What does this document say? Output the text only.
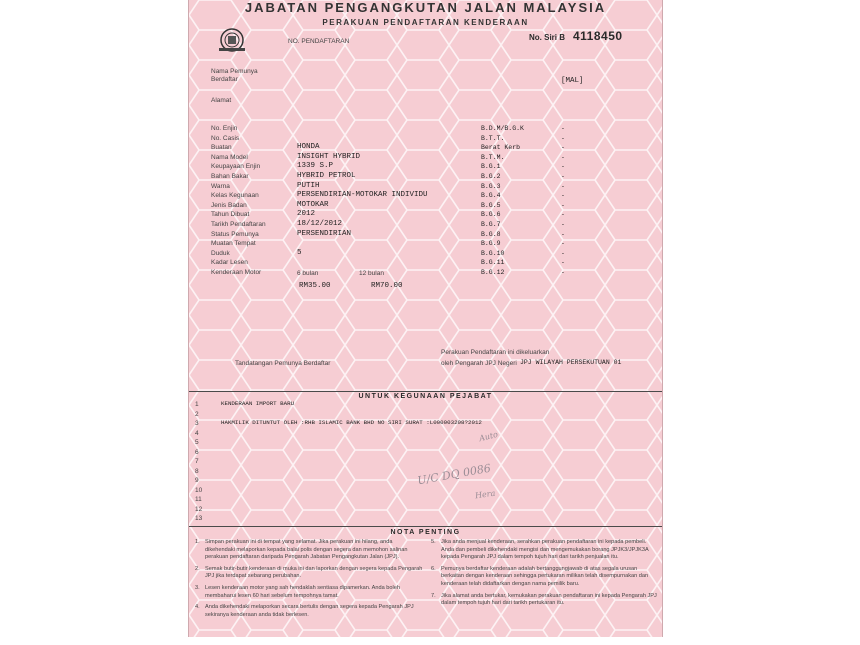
JABATAN PENGANGKUTAN JALAN MALAYSIA
PERAKUAN PENDAFTARAN KENDERAAN
NO. PENDAFTARAN	No. Siri B 4118450
Nama Pemunya
Berdaftar	[MAL]
Alamat
No. Enjin
No. Casis
Buatan	HONDA
Nama Model	INSIGHT HYBRID
Keupayaan Enjin	1339 S.P
Bahan Bakar	HYBRID PETROL
Warna	PUTIH
Kelas Kegunaan	PERSENDIRIAN-MOTOKAR INDIVIDU
Jenis Badan	MOTOKAR
Tahun Dibuat	2012
Tarikh Pendaftaran	18/12/2012
Status Pemunya	PERSENDIRIAN
Muatan Tempat
Duduk	5
Kadar Lesen
Kenderaan Motor
B.D.M/B.G.K	-
B.T.T.	-
Berat Kerb	-
B.T.M.	-
B.G.1	-
B.G.2	-
B.G.3	-
B.G.4	-
B.G.5	-
B.G.6	-
B.G.7	-
B.G.8	-
B.G.9	-
B.G.10	-
B.G.11	-
B.G.12	-
6 bulan	12 bulan
RM35.00	RM70.00
Tandatangan Pemunya Berdaftar
Perakuan Pendaftaran ini dikeluarkan
oleh Pengarah JPJ Negeri JPJ WILAYAH PERSEKUTUAN 01
UNTUK KEGUNAAN PEJABAT
1	KENDERAAN IMPORT BARU
2
3	HAKMILIK DITUNTUT OLEH :RHB ISLAMIC BANK BHD NO SIRI SURAT :L000003208?2012
4
5
6
7
8
9
10
11
12
13
Auto
U/C DQ 0086
Hera
NOTA PENTING
1. Simpan perakuan ini di tempat yang selamat. Jika perakuan ini hilang, anda dikehendaki melaporkan kepada balai polis dengan segera dan memohon salinan perakuan pendaftaran daripada Pengarah Jabatan Pengangkutan Jalan (JPJ).
2. Semak butir-butir kenderaan di muka ini dan laporkan dengan segera kepada Pengarah JPJ jika terdapat sebarang perubahan.
3. Lesen kenderaan motor yang sah hendaklah sentiasa dipamerkan. Anda boleh membaharui lesen 60 hari sebelum tempohnya tamat.
4. Anda dikehendaki melaporkan secara bertulis dengan segera kepada Pengarah JPJ sekiranya kenderaan anda tidak berlesen.
5. Jika anda menjual kenderaan, serahkan perakuan pendaftaran ini kepada pembeli. Anda dan pembeli dikehendaki mengisi dan mengemukakan borang JPJK3/JPJK3A kepada Pengarah JPJ dalam tempoh tujuh hari dari tarikh penjualan itu.
6. Pemunya berdaftar kenderaan adalah bertanggungjawab di atas segala urusan berkaitan dengan kenderaan sehingga pertukaran milikan telah disempurnakan dan kenderaan telah didaftarkan dengan nama pemilik baru.
7. Jika alamat anda bertukar, kemukakan perakuan pendaftaran ini kepada Pengarah JPJ dalam tempoh tujuh hari dari tarikh pertukaran itu.
